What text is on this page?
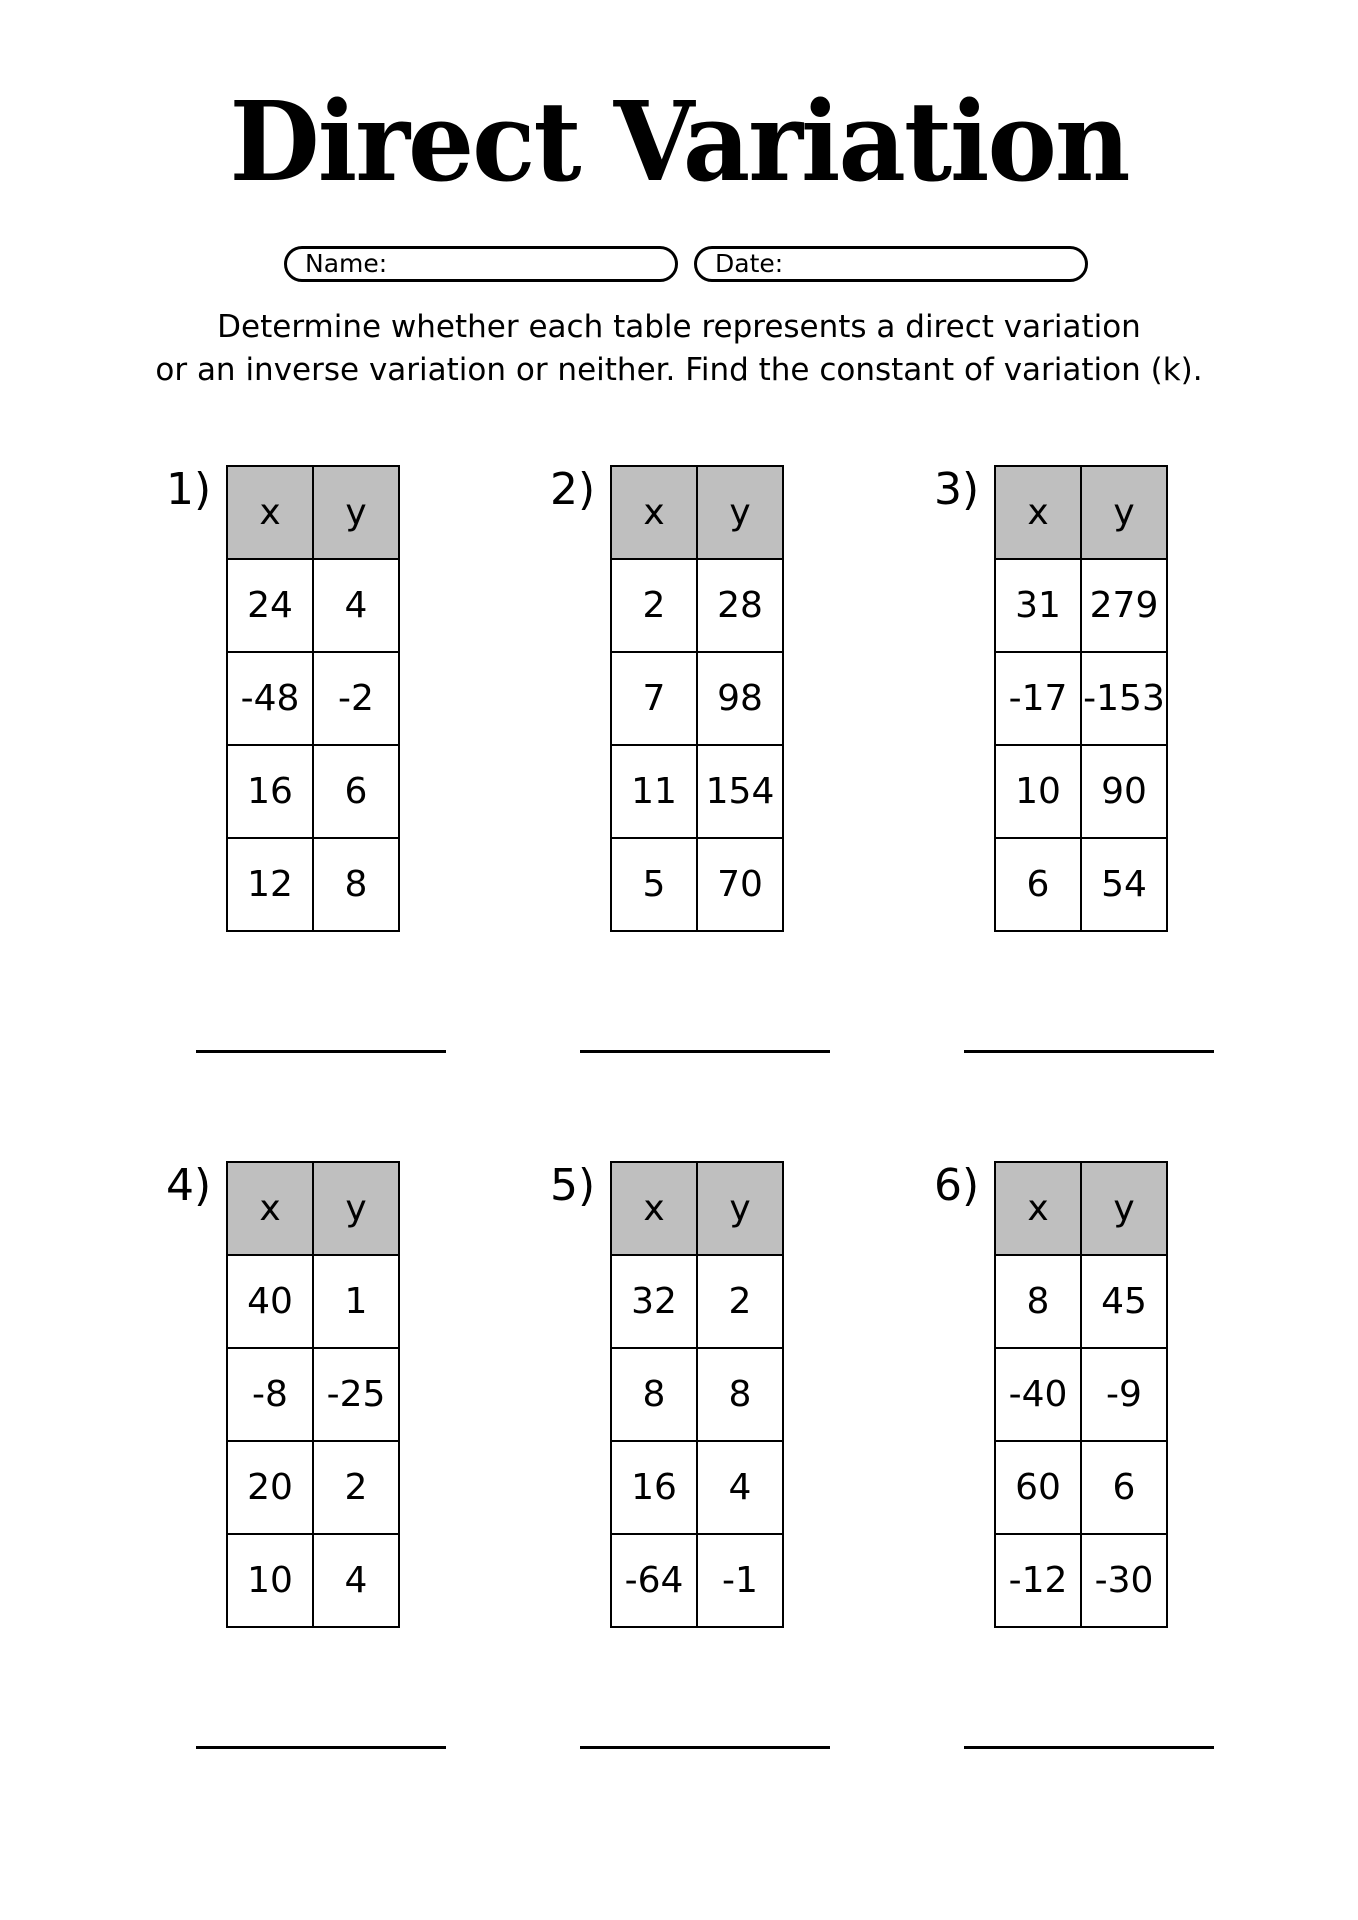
Direct Variation
Name:	Date:
Determine whether each table represents a direct variation
or an inverse variation or neither. Find the constant of variation (k).
1) x	y
24	4
-48	-2
16	6
12	8
2) x	y
2	28
7	98
11	154
5	70
3) x	y
31	279
-17	-153
10	90
6	54
4) x	y
40	1
-8	-25
20	2
10	4
5) x	y
32	2
8	8
16	4
-64	-1
6) x	y
8	45
-40	-9
60	6
-12	-30
